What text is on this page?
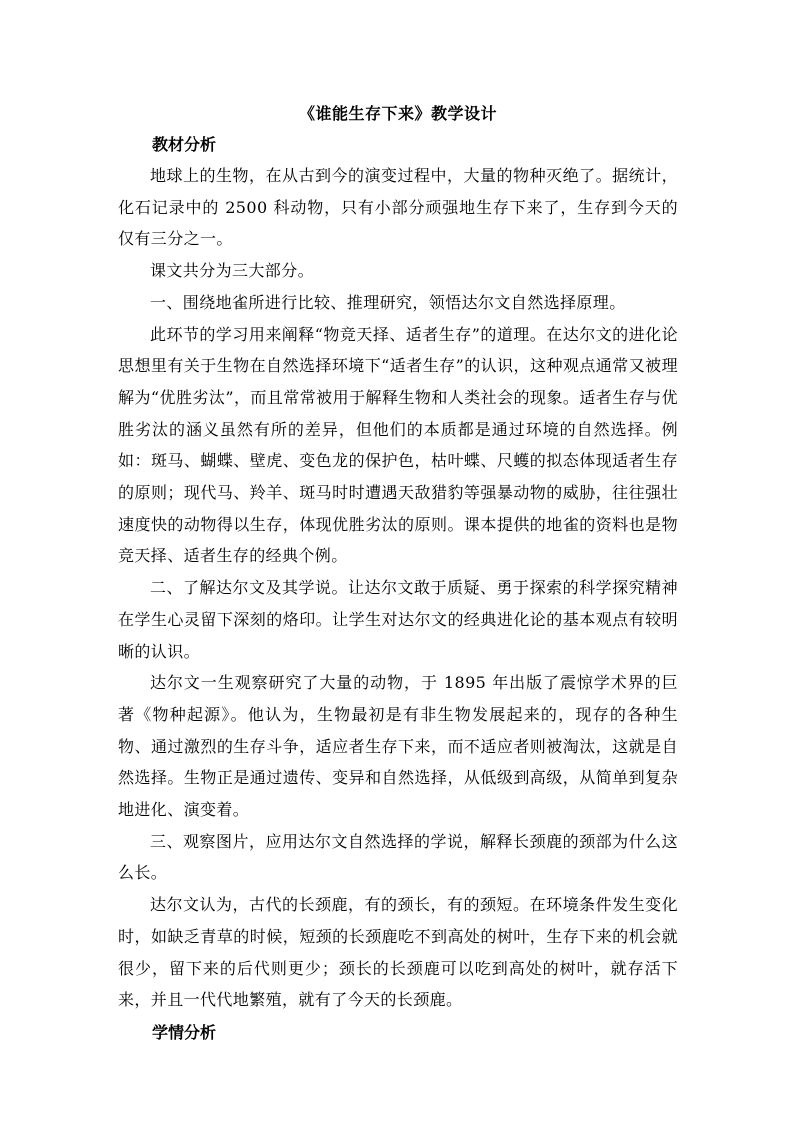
《谁能生存下来》教学设计
教材分析

地球上的生物，在从古到今的演变过程中，大量的物种灭绝了。据统计，化石记录中的 2500 科动物，只有小部分顽强地生存下来了，生存到今天的仅有三分之一。

课文共分为三大部分。

一、围绕地雀所进行比较、推理研究，领悟达尔文自然选择原理。

此环节的学习用来阐释“物竞天择、适者生存”的道理。在达尔文的进化论思想里有关于生物在自然选择环境下“适者生存”的认识，这种观点通常又被理解为“优胜劣汰”，而且常常被用于解释生物和人类社会的现象。适者生存与优胜劣汰的涵义虽然有所的差异，但他们的本质都是通过环境的自然选择。例如：斑马、蝴蝶、壁虎、变色龙的保护色，枯叶蝶、尺蠖的拟态体现适者生存的原则；现代马、羚羊、斑马时时遭遇天敌猎豹等强暴动物的威胁，往往强壮速度快的动物得以生存，体现优胜劣汰的原则。课本提供的地雀的资料也是物竞天择、适者生存的经典个例。

二、了解达尔文及其学说。让达尔文敢于质疑、勇于探索的科学探究精神在学生心灵留下深刻的烙印。让学生对达尔文的经典进化论的基本观点有较明晰的认识。

达尔文一生观察研究了大量的动物，于 1895 年出版了震惊学术界的巨著《物种起源》。他认为，生物最初是有非生物发展起来的，现存的各种生物、通过激烈的生存斗争，适应者生存下来，而不适应者则被淘汰，这就是自然选择。生物正是通过遗传、变异和自然选择，从低级到高级，从简单到复杂地进化、演变着。

三、观察图片，应用达尔文自然选择的学说，解释长颈鹿的颈部为什么这么长。

达尔文认为，古代的长颈鹿，有的颈长，有的颈短。在环境条件发生变化时，如缺乏青草的时候，短颈的长颈鹿吃不到高处的树叶，生存下来的机会就很少，留下来的后代则更少；颈长的长颈鹿可以吃到高处的树叶，就存活下来，并且一代代地繁殖，就有了今天的长颈鹿。

学情分析
